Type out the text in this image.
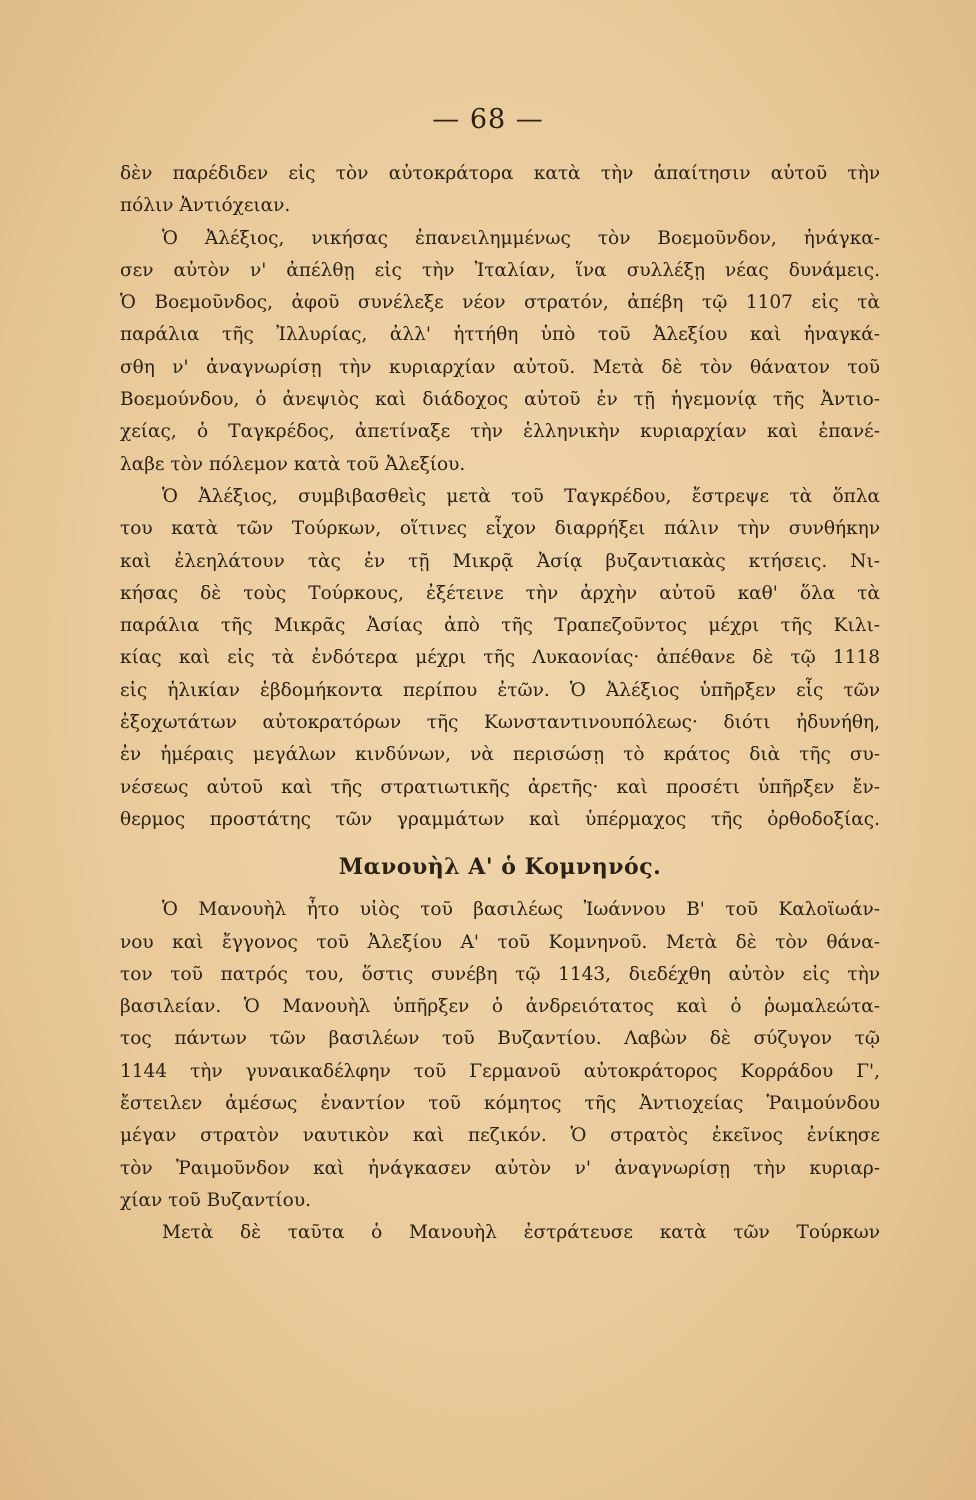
— 68 —
δὲν παρέδιδεν εἰς τὸν αὐτοκράτορα κατὰ τὴν ἀπαίτησιν αὐτοῦ τὴν
πόλιν Ἀντιόχειαν.
Ὁ Ἀλέξιος, νικήσας ἐπανειλημμένως τὸν Βοεμοῦνδον, ἠνάγκα-
σεν αὐτὸν ν' ἀπέλθῃ εἰς τὴν Ἰταλίαν, ἵνα συλλέξῃ νέας δυνάμεις.
Ὁ Βοεμοῦνδος, ἀφοῦ συνέλεξε νέον στρατόν, ἀπέβη τῷ 1107 εἰς τὰ
παράλια τῆς Ἰλλυρίας, ἀλλ' ἡττήθη ὑπὸ τοῦ Ἀλεξίου καὶ ἠναγκά-
σθη ν' ἀναγνωρίσῃ τὴν κυριαρχίαν αὐτοῦ. Μετὰ δὲ τὸν θάνατον τοῦ
Βοεμούνδου, ὁ ἀνεψιὸς καὶ διάδοχος αὐτοῦ ἐν τῇ ἡγεμονίᾳ τῆς Ἀντιο-
χείας, ὁ Ταγκρέδος, ἀπετίναξε τὴν ἑλληνικὴν κυριαρχίαν καὶ ἐπανέ-
λαβε τὸν πόλεμον κατὰ τοῦ Ἀλεξίου.
Ὁ Ἀλέξιος, συμβιβασθεὶς μετὰ τοῦ Ταγκρέδου, ἔστρεψε τὰ ὅπλα
του κατὰ τῶν Τούρκων, οἵτινες εἶχον διαρρήξει πάλιν τὴν συνθήκην
καὶ ἐλεηλάτουν τὰς ἐν τῇ Μικρᾷ Ἀσίᾳ βυζαντιακὰς κτήσεις. Νι-
κήσας δὲ τοὺς Τούρκους, ἐξέτεινε τὴν ἀρχὴν αὐτοῦ καθ' ὅλα τὰ
παράλια τῆς Μικρᾶς Ἀσίας ἀπὸ τῆς Τραπεζοῦντος μέχρι τῆς Κιλι-
κίας καὶ εἰς τὰ ἐνδότερα μέχρι τῆς Λυκαονίας· ἀπέθανε δὲ τῷ 1118
εἰς ἡλικίαν ἑβδομήκοντα περίπου ἐτῶν. Ὁ Ἀλέξιος ὑπῆρξεν εἷς τῶν
ἐξοχωτάτων αὐτοκρατόρων τῆς Κωνσταντινουπόλεως· διότι ἠδυνήθη,
ἐν ἡμέραις μεγάλων κινδύνων, νὰ περισώσῃ τὸ κράτος διὰ τῆς συ-
νέσεως αὐτοῦ καὶ τῆς στρατιωτικῆς ἀρετῆς· καὶ προσέτι ὑπῆρξεν ἔν-
θερμος προστάτης τῶν γραμμάτων καὶ ὑπέρμαχος τῆς ὀρθοδοξίας.
Μανουὴλ Α' ὁ Κομνηνός.
Ὁ Μανουὴλ ἦτο υἱὸς τοῦ βασιλέως Ἰωάννου Β' τοῦ Καλοϊωάν-
νου καὶ ἔγγονος τοῦ Ἀλεξίου Α' τοῦ Κομνηνοῦ. Μετὰ δὲ τὸν θάνα-
τον τοῦ πατρός του, ὅστις συνέβη τῷ 1143, διεδέχθη αὐτὸν εἰς τὴν
βασιλείαν. Ὁ Μανουὴλ ὑπῆρξεν ὁ ἀνδρειότατος καὶ ὁ ῥωμαλεώτα-
τος πάντων τῶν βασιλέων τοῦ Βυζαντίου. Λαβὼν δὲ σύζυγον τῷ
1144 τὴν γυναικαδέλφην τοῦ Γερμανοῦ αὐτοκράτορος Κορράδου Γ',
ἔστειλεν ἀμέσως ἐναντίον τοῦ κόμητος τῆς Ἀντιοχείας Ῥαιμούνδου
μέγαν στρατὸν ναυτικὸν καὶ πεζικόν. Ὁ στρατὸς ἐκεῖνος ἐνίκησε
τὸν Ῥαιμοῦνδον καὶ ἠνάγκασεν αὐτὸν ν' ἀναγνωρίσῃ τὴν κυριαρ-
χίαν τοῦ Βυζαντίου.
Μετὰ δὲ ταῦτα ὁ Μανουὴλ ἐστράτευσε κατὰ τῶν Τούρκων
